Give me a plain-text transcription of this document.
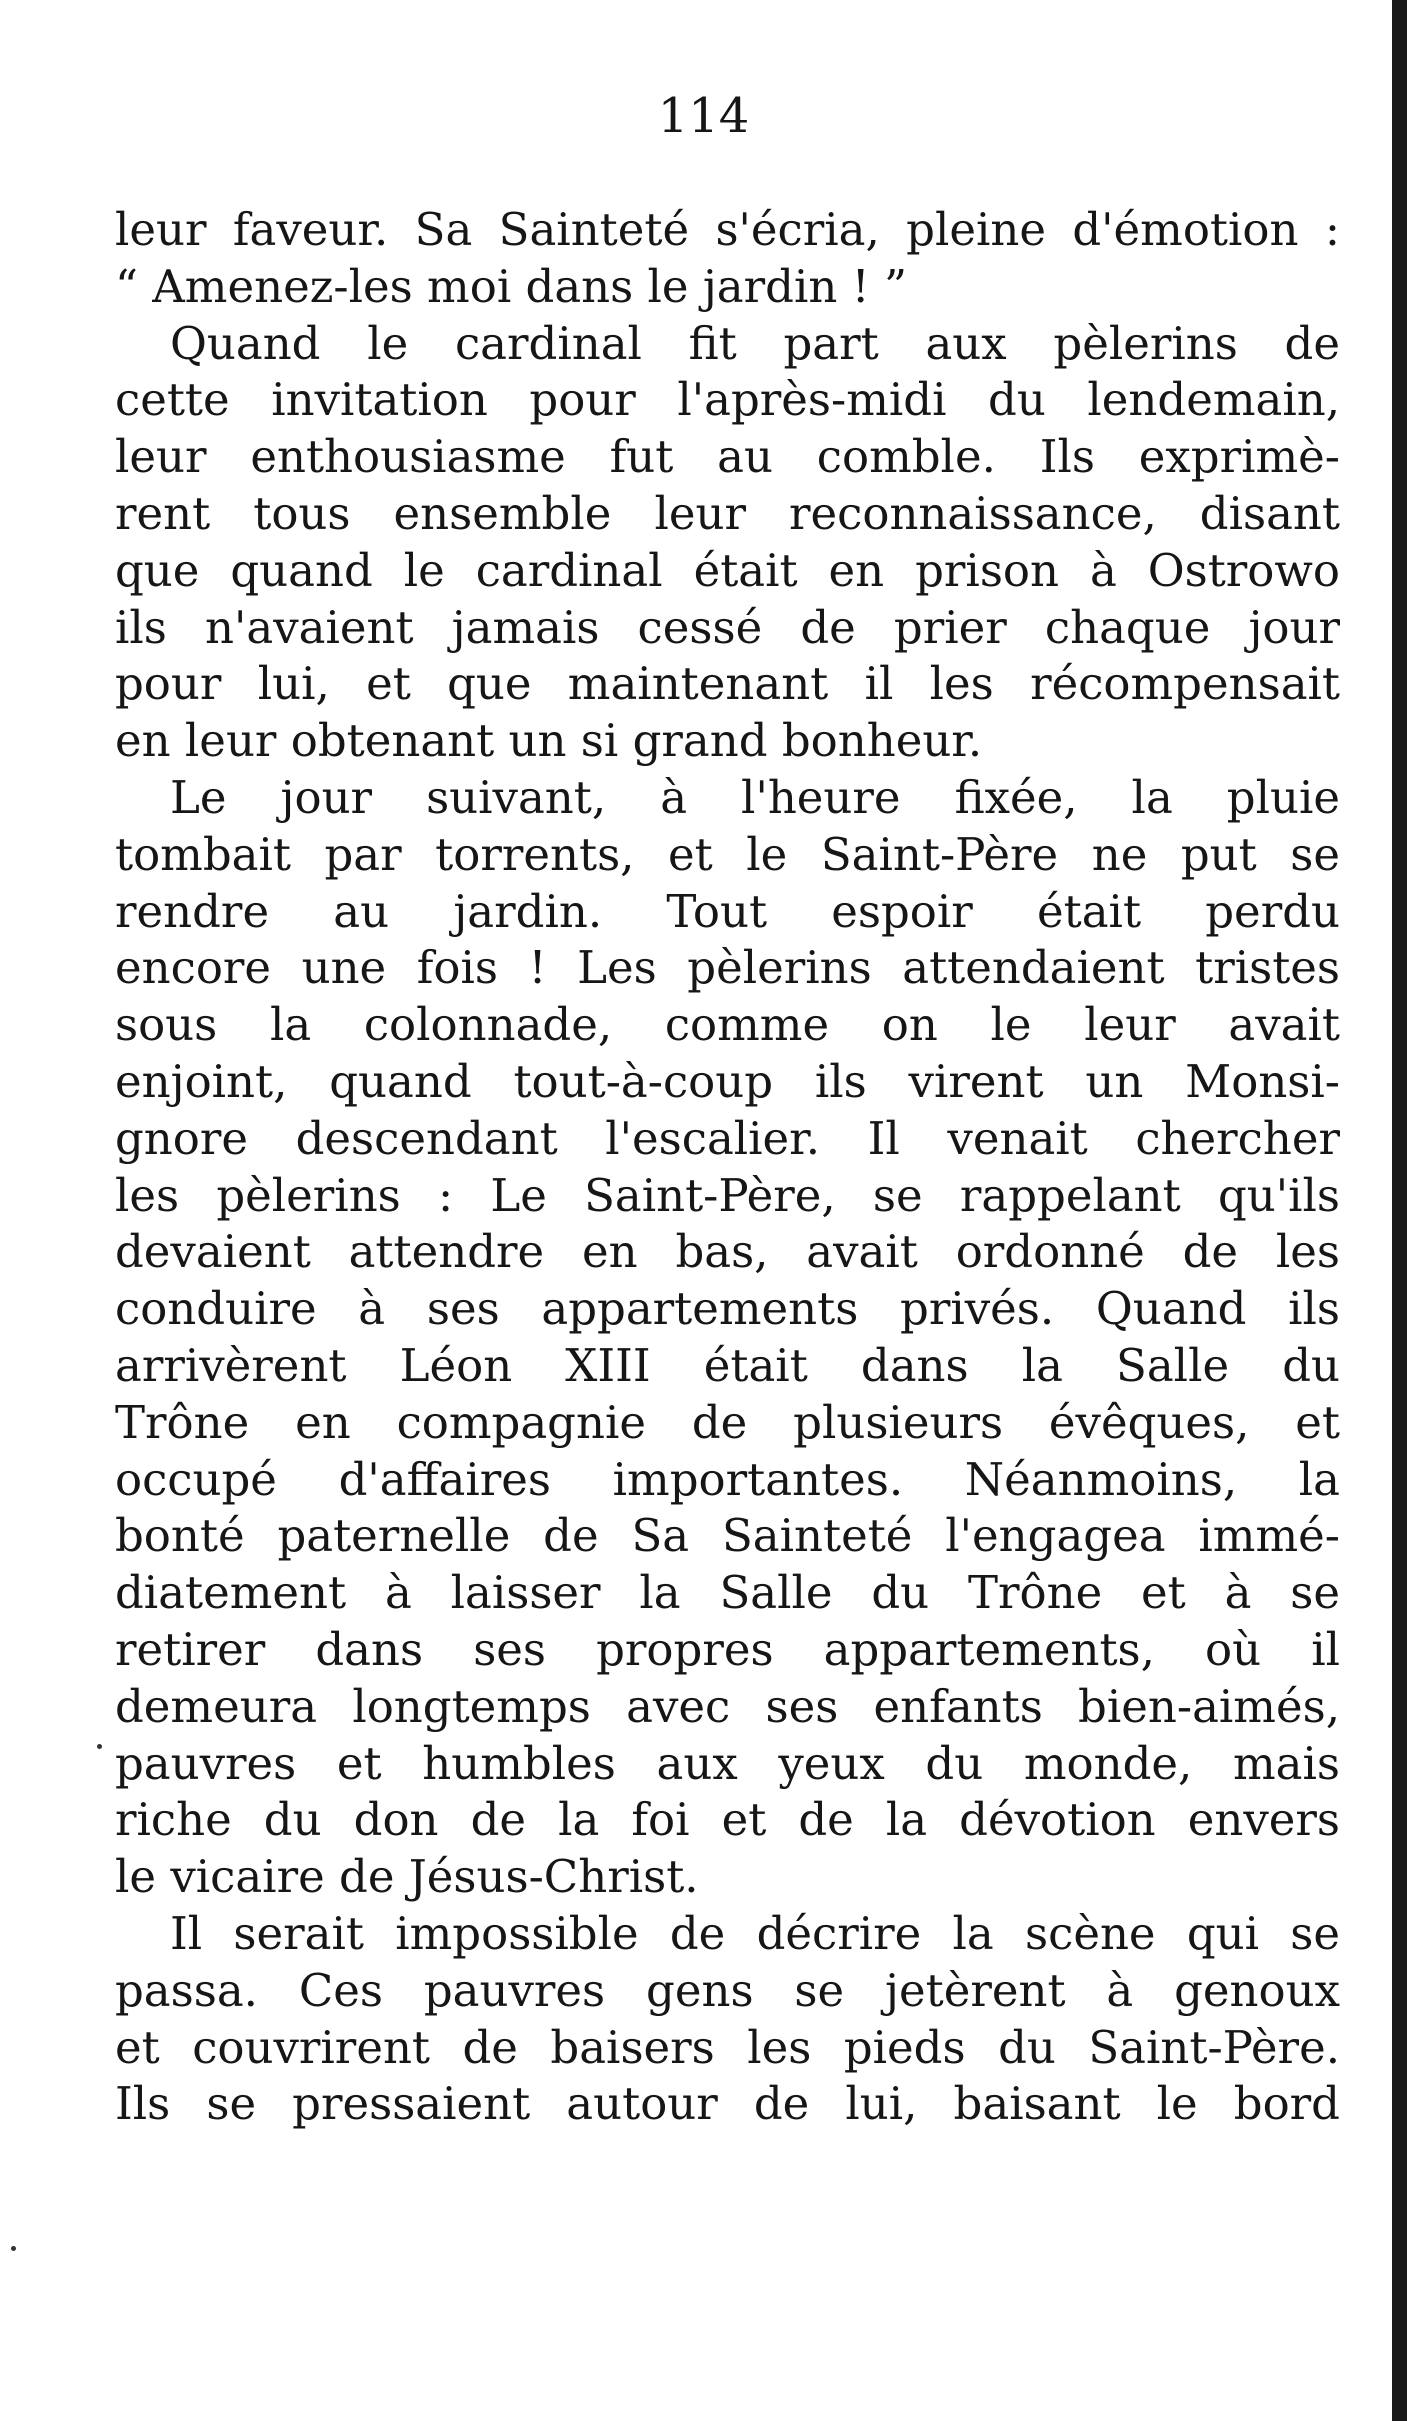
114
leur faveur. Sa Sainteté s'écria, pleine d'émotion :
“ Amenez-les moi dans le jardin ! ”
Quand le cardinal fit part aux pèlerins de
cette invitation pour l'après-midi du lendemain,
leur enthousiasme fut au comble. Ils exprimè-
rent tous ensemble leur reconnaissance, disant
que quand le cardinal était en prison à Ostrowo
ils n'avaient jamais cessé de prier chaque jour
pour lui, et que maintenant il les récompensait
en leur obtenant un si grand bonheur.
Le jour suivant, à l'heure fixée, la pluie
tombait par torrents, et le Saint-Père ne put se
rendre au jardin. Tout espoir était perdu
encore une fois ! Les pèlerins attendaient tristes
sous la colonnade, comme on le leur avait
enjoint, quand tout-à-coup ils virent un Monsi-
gnore descendant l'escalier. Il venait chercher
les pèlerins : Le Saint-Père, se rappelant qu'ils
devaient attendre en bas, avait ordonné de les
conduire à ses appartements privés. Quand ils
arrivèrent Léon XIII était dans la Salle du
Trône en compagnie de plusieurs évêques, et
occupé d'affaires importantes. Néanmoins, la
bonté paternelle de Sa Sainteté l'engagea immé-
diatement à laisser la Salle du Trône et à se
retirer dans ses propres appartements, où il
demeura longtemps avec ses enfants bien-aimés,
pauvres et humbles aux yeux du monde, mais
riche du don de la foi et de la dévotion envers
le vicaire de Jésus-Christ.
Il serait impossible de décrire la scène qui se
passa. Ces pauvres gens se jetèrent à genoux
et couvrirent de baisers les pieds du Saint-Père.
Ils se pressaient autour de lui, baisant le bord
